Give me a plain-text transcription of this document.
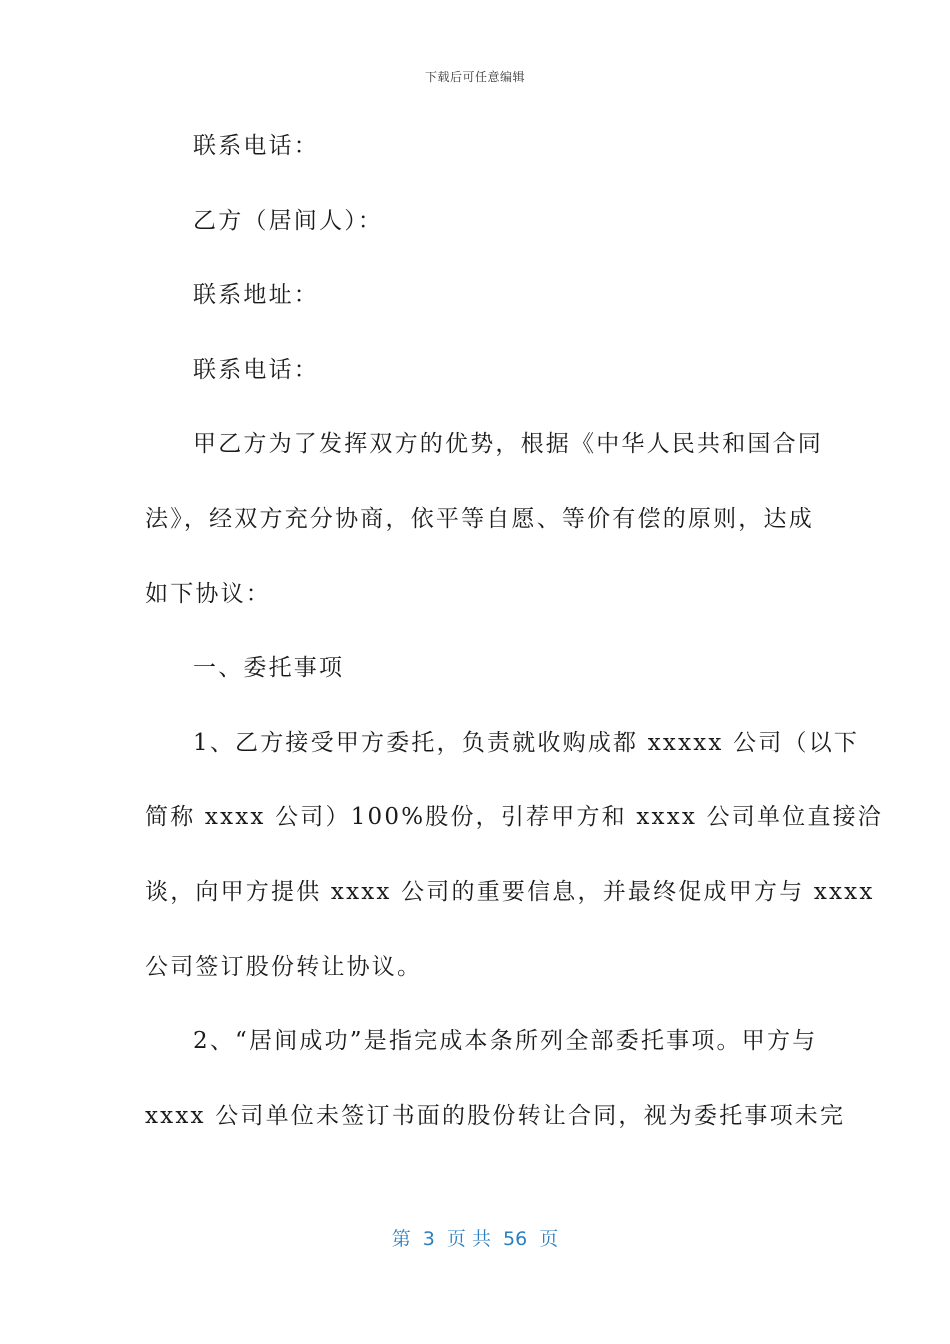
下载后可任意编辑
联系电话：
乙方（居间人）：
联系地址：
联系电话：
甲乙方为了发挥双方的优势，根据《中华人民共和国合同
法》，经双方充分协商，依平等自愿、等价有偿的原则，达成
如下协议：
一、委托事项
1、乙方接受甲方委托，负责就收购成都 xxxxx 公司（以下
简称 xxxx 公司）100%股份，引荐甲方和 xxxx 公司单位直接洽
谈，向甲方提供 xxxx 公司的重要信息，并最终促成甲方与 xxxx
公司签订股份转让协议。
2、“居间成功”是指完成本条所列全部委托事项。甲方与
xxxx 公司单位未签订书面的股份转让合同，视为委托事项未完
第  3  页 共  56  页
